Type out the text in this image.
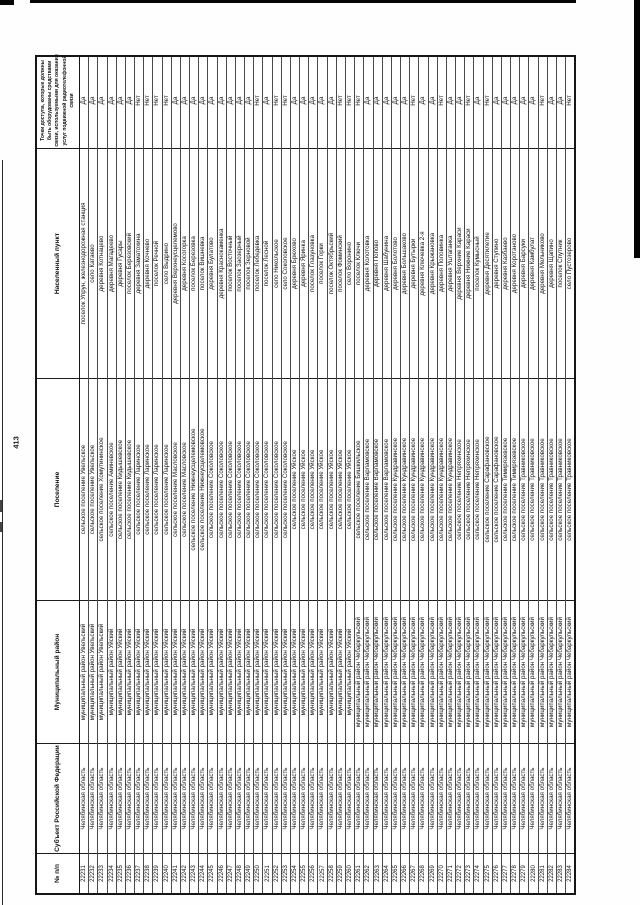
413
№ п/п
Субъект Российской Федерации
Муниципальный район
Поселение
Населенный пункт
Точки доступа, которые должны быть оборудованы средствами связи, используемыми для оказания услуг подвижной радиотелефонной связи
22231
Челябинская область
муниципальный район Увельский
сельское поселение Увельское
поселок Упрун, железнодорожная станция
Да
22232
Челябинская область
муниципальный район Увельский
сельское поселение Увельское
село Катаево
Да
22233
Челябинская область
муниципальный район Увельский
сельское поселение Хомутининское
деревня Котнацево
Да
22234
Челябинская область
муниципальный район Уйский
сельское поселение Аминевское
деревня Магадеево
Да
22235
Челябинская область
муниципальный район Уйский
сельское поселение Кидышевское
деревня Гусары
Да
22236
Челябинская область
муниципальный район Уйский
сельское поселение Кидышевское
поселок Березовский
Да
22237
Челябинская область
муниципальный район Уйский
сельское поселение Ларинское
деревня Заматохина
Нет
22238
Челябинская область
муниципальный район Уйский
сельское поселение Ларинское
деревня Кочнево
Нет
22239
Челябинская область
муниципальный район Уйский
сельское поселение Ларинское
поселок Речной
Нет
22240
Челябинская область
муниципальный район Уйский
сельское поселение Ларинское
село Выдрино
Нет
22241
Челябинская область
муниципальный район Уйский
сельское поселение Масловское
деревня Верхнеусцелемово
Да
22242
Челябинская область
муниципальный район Уйский
сельское поселение Масловское
деревня Косогорка
Да
22243
Челябинская область
муниципальный район Уйский
сельское поселение Нижнеусцелемовское
поселок Березовка
Да
22244
Челябинская область
муниципальный район Уйский
сельское поселение Нижнеусцелемовское
поселок Вишневка
Да
22245
Челябинская область
муниципальный район Уйский
сельское поселение Соколовское
деревня Булатово
Да
22246
Челябинская область
муниципальный район Уйский
сельское поселение Соколовское
деревня Краснокаменка
Да
22247
Челябинская область
муниципальный район Уйский
сельское поселение Соколовское
поселок Восточный
Да
22248
Челябинская область
муниципальный район Уйский
сельское поселение Соколовское
поселок Заозерный
Да
22249
Челябинская область
муниципальный район Уйский
сельское поселение Соколовское
поселок Зерновой
Да
22250
Челябинская область
муниципальный район Уйский
сельское поселение Соколовское
поселок Лебедевка
Нет
22251
Челябинская область
муниципальный район Уйский
сельское поселение Соколовское
поселок Лесной
Да
22252
Челябинская область
муниципальный район Уйский
сельское поселение Соколовское
село Никольское
Нет
22253
Челябинская область
муниципальный район Уйский
сельское поселение Соколовское
село Соколовское
Нет
22254
Челябинская область
муниципальный район Уйский
сельское поселение Уйское
деревня Брюхово
Да
22255
Челябинская область
муниципальный район Уйский
сельское поселение Уйское
деревня Яринка
Да
22256
Челябинская область
муниципальный район Уйский
сельское поселение Уйское
поселок Глазуновка
Да
22257
Челябинская область
муниципальный район Уйский
сельское поселение Уйское
поселок Горки
Да
22258
Челябинская область
муниципальный район Уйский
сельское поселение Уйское
поселок Октябрьский
Да
22259
Челябинская область
муниципальный район Уйский
сельское поселение Уйское
поселок Фоминский
Нет
22260
Челябинская область
муниципальный район Уйский
сельское поселение Уйское
село Воронино
Нет
22261
Челябинская область
муниципальный район Чебаркульский
сельское поселение Бишкильское
поселок Ключи
Нет
22262
Челябинская область
муниципальный район Чебаркульский
сельское поселение Варламовское
деревня Колотовка
Да
22263
Челябинская область
муниципальный район Чебаркульский
сельское поселение Варламовское
деревня Попово
Да
22264
Челябинская область
муниципальный район Чебаркульский
сельское поселение Варламовское
деревня Шабунина
Да
22265
Челябинская область
муниципальный район Чебаркульский
сельское поселение Кундравинское
деревня Болотово
Да
22266
Челябинская область
муниципальный район Чебаркульский
сельское поселение Кундравинское
деревня Большаково
Да
22267
Челябинская область
муниципальный район Чебаркульский
сельское поселение Кундравинское
деревня Бутырки
Нет
22268
Челябинская область
муниципальный район Чебаркульский
сельское поселение Кундравинское
деревня Ключевка 2-я
Да
22269
Челябинская область
муниципальный район Чебаркульский
сельское поселение Кундравинское
деревня Крыжановка
Да
22270
Челябинская область
муниципальный район Чебаркульский
сельское поселение Кундравинское
деревня Половинка
Нет
22271
Челябинская область
муниципальный район Чебаркульский
сельское поселение Кундравинское
деревня Уштаганка
Да
22272
Челябинская область
муниципальный район Чебаркульский
сельское поселение Непряхинское
деревня Верхние Караси
Да
22273
Челябинская область
муниципальный район Чебаркульский
сельское поселение Непряхинское
деревня Нижние Караси
Нет
22274
Челябинская область
муниципальный район Чебаркульский
сельское поселение Непряхинское
поселок Кумысный
Да
22275
Челябинская область
муниципальный район Чебаркульский
сельское поселение Сарафановское
деревня Десятилетие
Нет
22276
Челябинская область
муниципальный район Чебаркульский
сельское поселение Сарафановское
деревня Ступино
Да
22277
Челябинская область
муниципальный район Чебаркульский
сельское поселение Тимирязевское
деревня Казбаево
Да
22278
Челябинская область
муниципальный район Чебаркульский
сельское поселение Тимирязевское
деревня Коротаново
Да
22279
Челябинская область
муниципальный район Чебаркульский
сельское поселение Травниковское
деревня Барсуки
Да
22280
Челябинская область
муниципальный район Чебаркульский
сельское поселение Травниковское
деревня Камбулат
Да
22281
Челябинская область
муниципальный район Чебаркульский
сельское поселение Травниковское
деревня Мельниково
Нет
22282
Челябинская область
муниципальный район Чебаркульский
сельское поселение Травниковское
деревня Щапино
Да
22283
Челябинская область
муниципальный район Чебаркульский
сельское поселение Травниковское
поселок Спутник
Да
22284
Челябинская область
муниципальный район Чебаркульский
сельское поселение Травниковское
село Пустозерово
Нет
